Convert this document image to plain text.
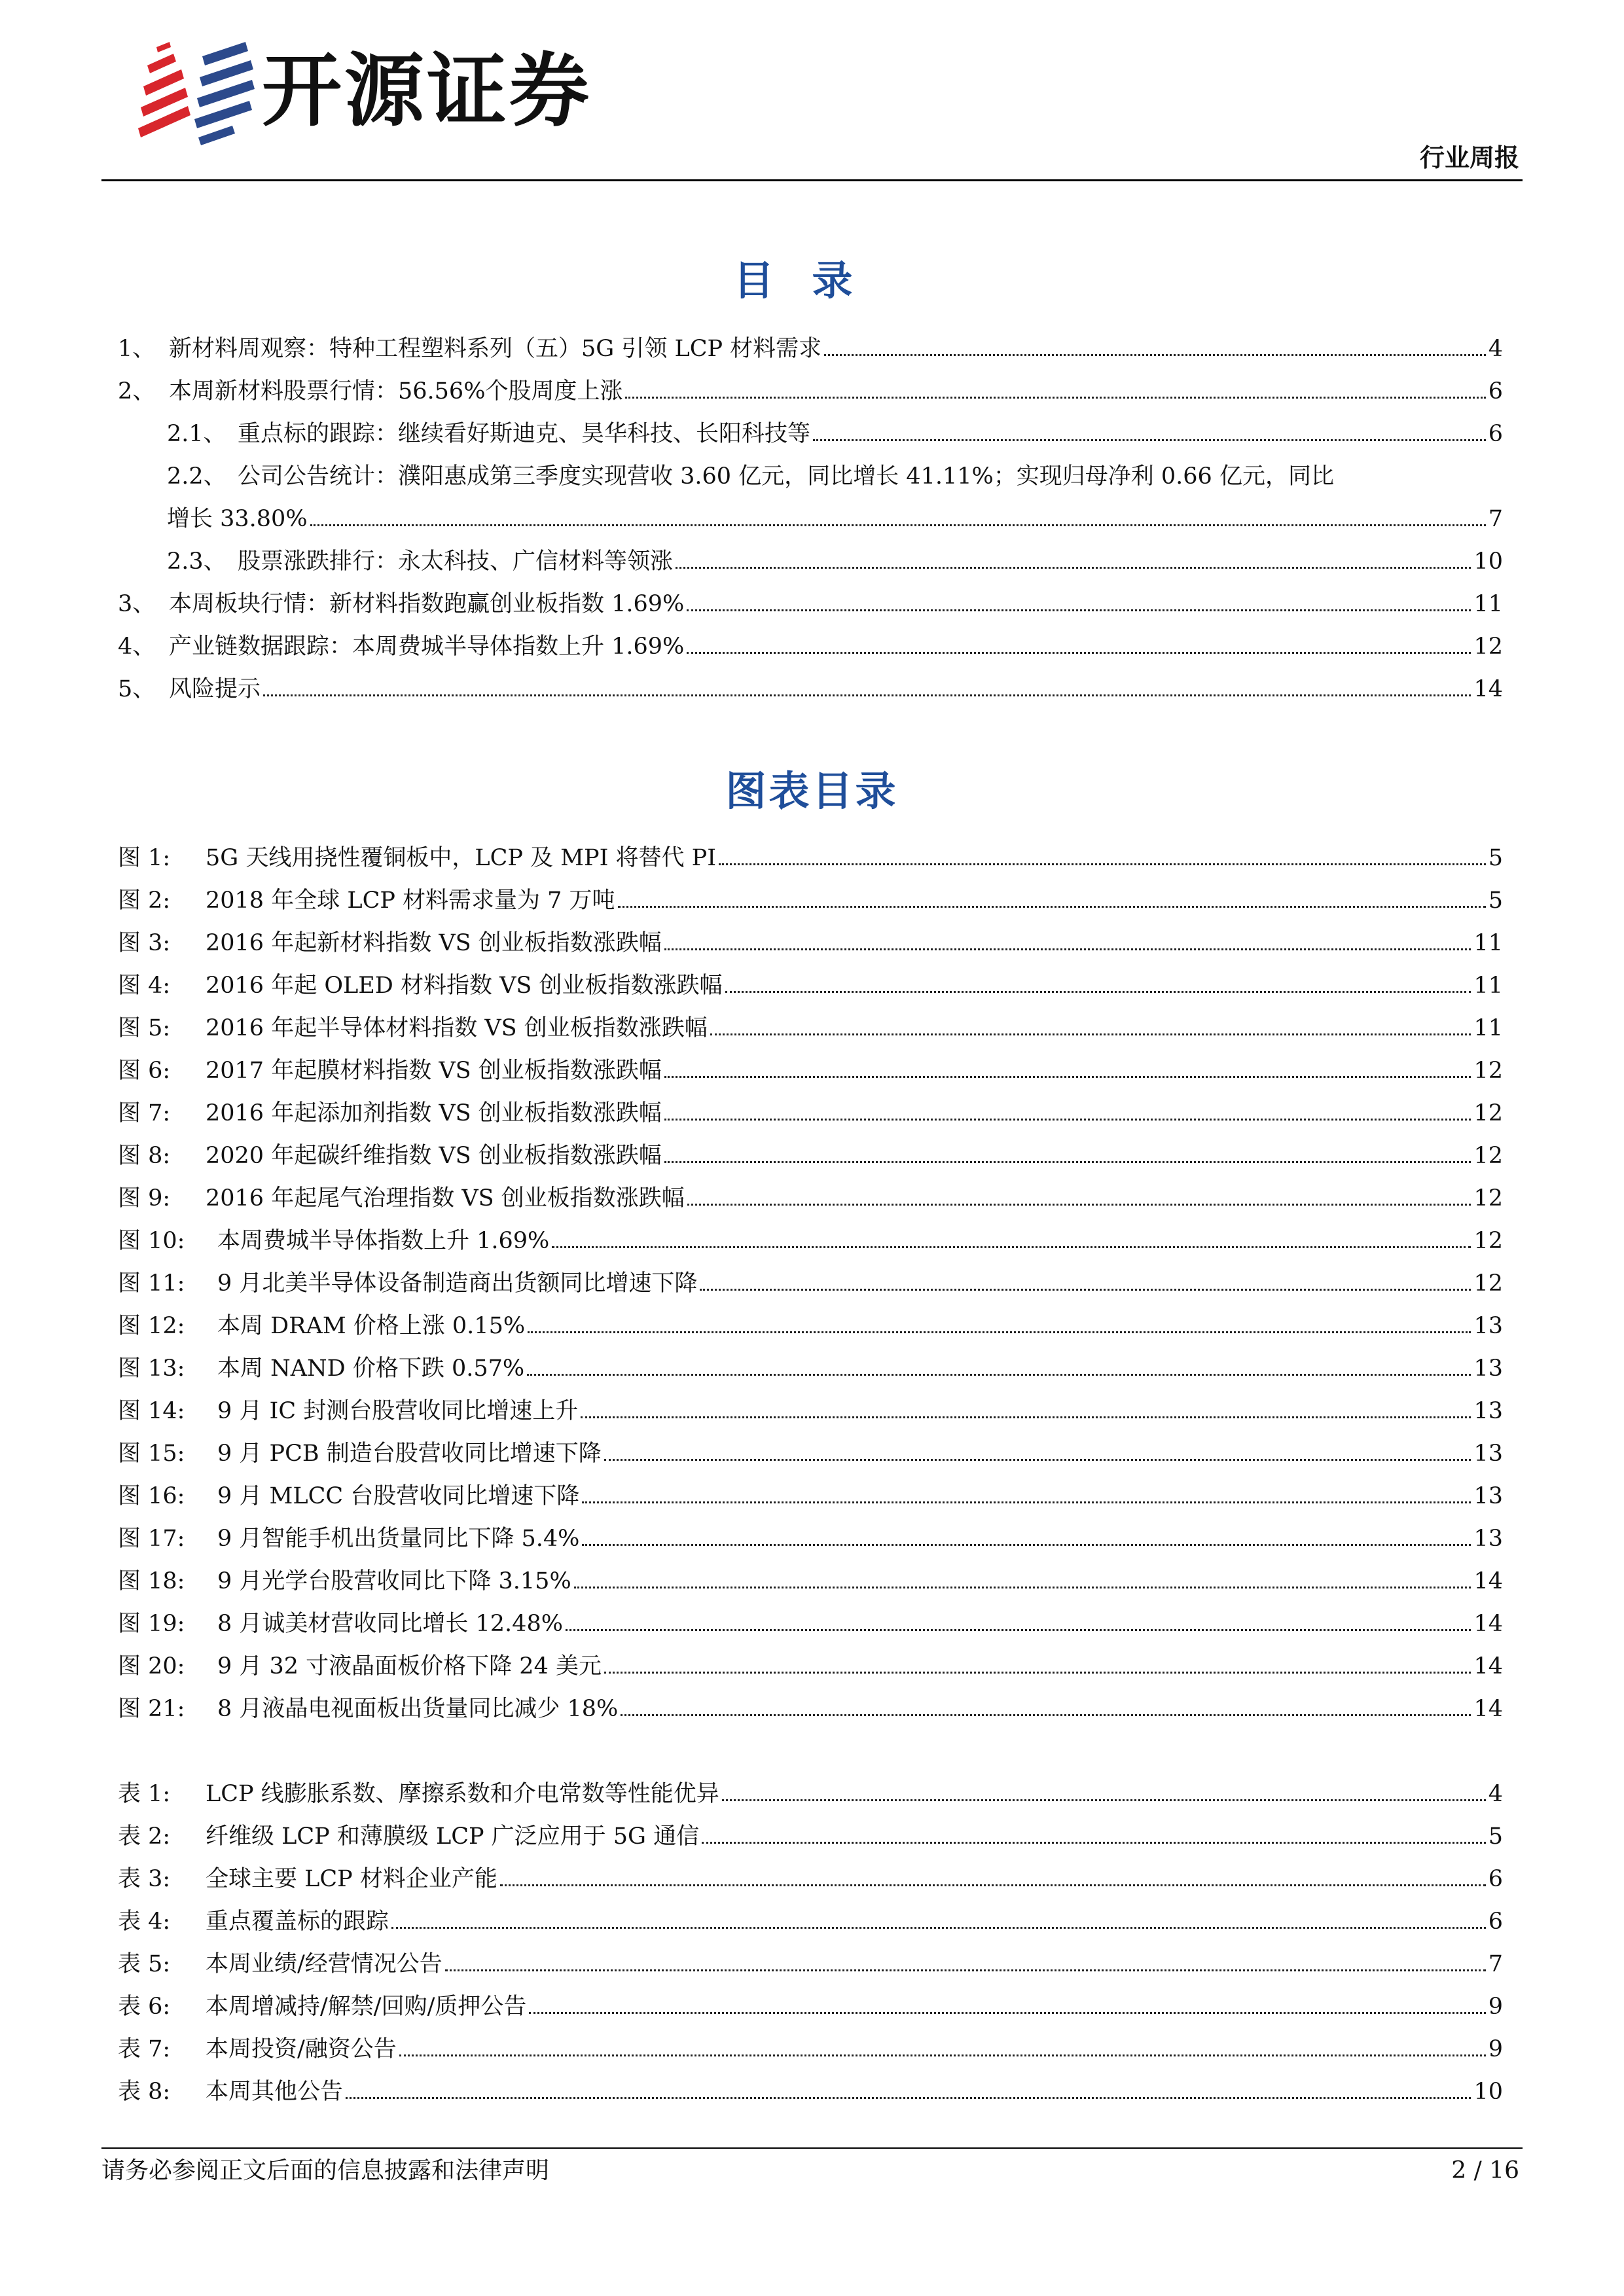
开源证券
行业周报
目录
1、 新材料周观察：特种工程塑料系列（五）5G 引领 LCP 材料需求	4
2、 本周新材料股票行情：56.56%个股周度上涨	6
2.1、 重点标的跟踪：继续看好斯迪克、昊华科技、长阳科技等	6
2.2、 公司公告统计：濮阳惠成第三季度实现营收 3.60 亿元，同比增长 41.11%；实现归母净利 0.66 亿元，同比
增长 33.80%	7
2.3、 股票涨跌排行：永太科技、广信材料等领涨	10
3、 本周板块行情：新材料指数跑赢创业板指数 1.69%	11
4、 产业链数据跟踪：本周费城半导体指数上升 1.69%	12
5、 风险提示	14
图表目录
图 1:	5G 天线用挠性覆铜板中，LCP 及 MPI 将替代 PI	5
图 2:	2018 年全球 LCP 材料需求量为 7 万吨	5
图 3:	2016 年起新材料指数 VS 创业板指数涨跌幅	11
图 4:	2016 年起 OLED 材料指数 VS 创业板指数涨跌幅	11
图 5:	2016 年起半导体材料指数 VS 创业板指数涨跌幅	11
图 6:	2017 年起膜材料指数 VS 创业板指数涨跌幅	12
图 7:	2016 年起添加剂指数 VS 创业板指数涨跌幅	12
图 8:	2020 年起碳纤维指数 VS 创业板指数涨跌幅	12
图 9:	2016 年起尾气治理指数 VS 创业板指数涨跌幅	12
图 10:	本周费城半导体指数上升 1.69%	12
图 11:	9 月北美半导体设备制造商出货额同比增速下降	12
图 12:	本周 DRAM 价格上涨 0.15%	13
图 13:	本周 NAND 价格下跌 0.57%	13
图 14:	9 月 IC 封测台股营收同比增速上升	13
图 15:	9 月 PCB 制造台股营收同比增速下降	13
图 16:	9 月 MLCC 台股营收同比增速下降	13
图 17:	9 月智能手机出货量同比下降 5.4%	13
图 18:	9 月光学台股营收同比下降 3.15%	14
图 19:	8 月诚美材营收同比增长 12.48%	14
图 20:	9 月 32 寸液晶面板价格下降 24 美元	14
图 21:	8 月液晶电视面板出货量同比减少 18%	14
表 1:	LCP 线膨胀系数、摩擦系数和介电常数等性能优异	4
表 2:	纤维级 LCP 和薄膜级 LCP 广泛应用于 5G 通信	5
表 3:	全球主要 LCP 材料企业产能	6
表 4:	重点覆盖标的跟踪	6
表 5:	本周业绩/经营情况公告	7
表 6:	本周增减持/解禁/回购/质押公告	9
表 7:	本周投资/融资公告	9
表 8:	本周其他公告	10
请务必参阅正文后面的信息披露和法律声明	2 / 16
